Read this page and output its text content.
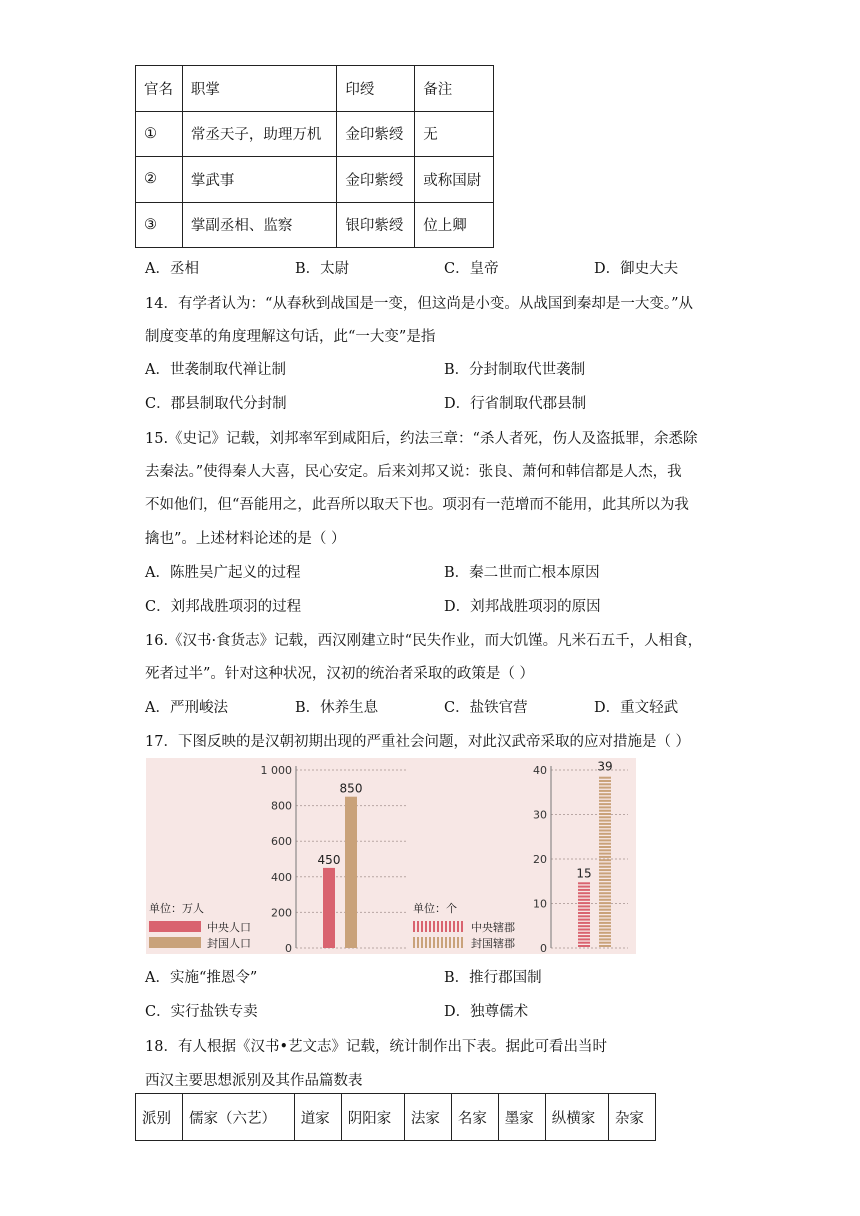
官名	职掌	印绶	备注
①	常丞天子，助理万机	金印紫绶	无
②	掌武事	金印紫绶	或称国尉
③	掌副丞相、监察	银印紫绶	位上卿
A．丞相	B．太尉	C．皇帝	D．御史大夫
14．有学者认为：“从春秋到战国是一变，但这尚是小变。从战国到秦却是一大变。”从
制度变革的角度理解这句话，此“一大变”是指
A．世袭制取代禅让制	B．分封制取代世袭制
C．郡县制取代分封制	D．行省制取代郡县制
15.《史记》记载，刘邦率军到咸阳后，约法三章：“杀人者死，伤人及盗抵罪，余悉除
去秦法。”使得秦人大喜，民心安定。后来刘邦又说：张良、萧何和韩信都是人杰，我
不如他们，但“吾能用之，此吾所以取天下也。项羽有一范增而不能用，此其所以为我
擒也”。上述材料论述的是（ ）
A．陈胜吴广起义的过程	B．秦二世而亡根本原因
C．刘邦战胜项羽的过程	D．刘邦战胜项羽的原因
16.《汉书·食货志》记载，西汉刚建立时“民失作业，而大饥馑。凡米石五千，人相食，
死者过半”。针对这种状况，汉初的统治者采取的政策是（ ）
A．严刑峻法	B．休养生息	C．盐铁官营	D．重文轻武
17．下图反映的是汉朝初期出现的严重社会问题，对此汉武帝采取的应对措施是（ ）
1 000
800
600
400
200
0
450
850
单位：万人
中央人口
封国人口
40
30
20
10
0
15
39
单位：个
中央辖郡
封国辖郡
A．实施“推恩令”	B．推行郡国制
C．实行盐铁专卖	D．独尊儒术
18．有人根据《汉书•艺文志》记载，统计制作出下表。据此可看出当时
西汉主要思想派别及其作品篇数表
派别	儒家（六艺）	道家	阴阳家	法家	名家	墨家	纵横家	杂家
